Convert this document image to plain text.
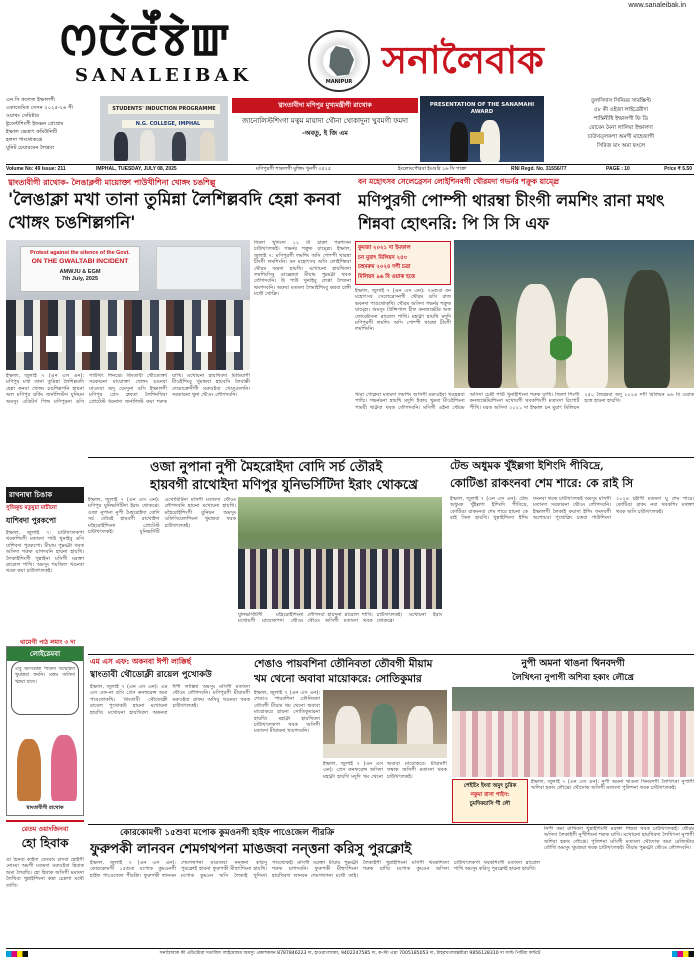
www.sanaleibak.in
ꯁꯅꯥꯂꯩꯕꯥꯛ
SANALEIBAK	MANIPUR সনালৈবাক
এন সি কলেজ ইম্ফালগী
একাডেমিক সেসন ২০২৫-২৬ গী
ওয়াথং সেমিষ্টার
ষ্টুডেন্টশিংগী ইন্ডক্সন প্রোগ্রাম
ইম্ফাল ভেত্রাৎ কমিউনিটি
হলদা পাংথোকখ্রে
যুনিট চেয়ারমেন লৈখ্রবা
STUDENTS' INDUCTION PROGRAMME
N.G. COLLEGE, IMPHAL
খ্বাংতাবীদা মণিপুর মুখ্যমন্ত্রীগী রাথোক
জানোলিস্টশিংগা মত্বম মায়াদা থৌনা থোকাদুনা খুবমগী ফমদা
-অবতু, ই জি এম
PRESENTATION OF THE SANAMAHI AWARD
তুলসিদাস সিনিয়র সাবস্ক্রিপ্ট
৫৮ কী ওইজা লাইব্রেরীদা
শান্তিনীধি ইম্ফালগী ফি ডি
রোবেন মৈনা লালিবা ইম্ফালদা
চাউখত্লকপা অমগী মাহেজাগী
সিরিজ মাং অমা ফংলে
Volume No: 49 Issue: 211	IMPHAL, TUESDAY, JULY 08, 2025	মণিপুরগী শাকলগী মুক্তিং খুনগী ৩৫২৫	ইংলোংপৌরবা ইংগুরি ১৬ সি পাক্রা	RNI Regd. No. 31556/77	PAGE : 10	Price ₹ 5.50
খ্বাংতাবীগী রাথোক- লৈঙাক্লগী মায়োক্তা পাউখীশিনা খোঙ্গং চঙশিল্লু
'লৈঙাক্লা মখা তানা তুমিন্না লৈশিল্লবদি হেন্না কনবা খোঙ্গং চঙশিল্লগনি'
বন মহোৎসব সেলেব্রেসন লোইশিনবগী থৌরমদা গভর্নর শক্রুক য়াম্ল্রে
মণিপুরগী পোম্পী থারম্বা চীংগী লমশিং রানা মথৎ শিন্নবা হোৎনরি: পি সি সি এফ
Protest against the silence of the Govt.
ON THE GWALTABI INCIDENT
AMWJU & EGM
7th July, 2025

ইম্ফাল, জুলাই ৭ (এন এস এন): মণিপুর মখা তানা তুমিন্না লৈশিল্লবদি হেন্না কনবা খোঙ্গং চঙশিল্লগনি হায়না অল মণিপুর ৱর্কিং জর্নালিস্টস যুনিয়ন অমসুং এডিটর্স গিল্ড মণিপুরনা ঙসি পাউখৎ শিনখ্রে। খ্বাংতাবী থৌডোক্তা সরকারনা মায়োক্তা খোঙ্গং চঙনবা যাওদবা অদু য়েংদুনা ঙসি ইম্ফালগী মণিপুর প্রেস ক্লবতা লৈশিনখিবা প্রোটেস্ট ধরনাদা জর্নালিস্ট কয়া শরুক য়াখি। মখোয়না হায়খিবদা মিডিয়াগী মীওইশিংবু খুমান্নবা হায়বসি লৈবাক্কী দেমোক্রেসীগী মরুওইবা খোঙ্গুলনি। সরকারনা থুনা থৌওং লৌগদবনি।

কুমজা ২০২১ দা ইমফাল
চন মুরাৎ মিলিয়ন ২৫০
চহুমরুম ২০২৪ দগী চত্রা
মিলিয়ন ৯৬ বি ওয়াক হত্তে

জিলা খুদিংদা ১২ টা চাক্রা পরশাসন চাউখৎলকই। গভর্নর শক্রুক য়াম্ল্রে। ইম্ফাল, জুলাই ৭: মণিপুরগী লমশিং অসি পোম্পী থারম্বা চীংগী লমশিংনি। বন মহোৎসব অসি লোইশিন্নবা থৌরম অমদা হায়খি। মখোয়না হায়খিবদা লমশিংসিবু ঙাক্সেন্নবা মীয়াম পুম্নমক্না থবক তৌগদবনি। উ পাউ খুনাইবু লেপ্পা লৈতনা থমগদবনি। অরুবা মতমদা লৈমাইশিংবু কন্নবা চাঙ্গী মথৌ থোক্লি।

ইম্ফাল, জুলাই ৭ (এন এস এন): ৭৬শুবা বন মহোৎসব সেলেব্রেসনগী থৌরম ঙসি রাজ ভবনদা পাঙথোকখি। থৌরম অসিদা গভর্নর শক্রুক য়াম্ল্রে। অমসুং প্রিন্সিপাল চীফ কনজর্ভেটর অফ ফোরেষ্টসনা ৱারোল শাখি। মহাক্না হায়খি মদুদি মণিপুরগী লমশিং অসি পোম্পী থারম্বা চীংগী লমশিংনি।

খারা পোক্লবা মতমদা লমশিং অসিগী মরুওইবা খঙহন্নবা পাম্মি। গভর্নরনা হায়খি মদুদি ইকায় খুম্নবা মীওইশিংনা পামবী থাক্নবা থবক তৌগদবনি। মসিগী ওইনা থৌরম অসিদা চেপ্পী পাউ খুনাইশিংনা শরুক য়াখি। জিলা শিংগী কনজর্ভেটরশিংনা মখোয়গী থবকশিংগী মতাংদা রিপোর্ট পীখি। মরক অসিদা ২০২১ দা ইম্ফাল চন মুরাৎ মিলিয়ন ২৫০ লৈরম্লবা অদু ২০২৪ দগী মিলিয়ন ৯৬ বি ওয়াক হত্তে হায়না হায়খি।

রাখনাম্বা চিঙাক
সুজিকুচ মতুমুচা মাচীনো
যাশিবদা পুরকপো

ইম্ফাল, জুলাই ৭: চাউখৎলকপা থবকশিংগী মতাংদা পাউ খুনাইবু ঙসি যাশিবদা পুরকপো। মীয়াম পুম্নমক্না থবক অসিদা শরুক য়াগদবনি হায়না হায়খি। লৈকাইশিংগী খুন্নাইনা মসিগী মরক্তা ৱারোল শাখি। অমসুং শমজিল খঙনবা থবক কয়া চাউখৎলকই।

থামেগী পাঠ লমাং ৩ দা
লোইরেমবা
ঐবু অসিগুম্বা পাউদা থম্মোইদা খুমান্নবা ফংনি। মত্তম অসিদা খন্নবা যাদে।
খ্বাংতাবীগী রাথোক
রেতম ওয়াংজিনবা
হো হিবাক
ঙা চিনবা কাইদা তেংবাং চাদবা হোইগী নোংমা অমগী মতমদা মরুওইবা হিবাক অমা লৈরম্মি। হো হিবাক অসিগী মমাংদা লৈখিবা খুন্নাইশিংনা কন্না চেপ্পগা মথৌ তাখি।
ওজা নুপানা নুপী মৈহরোইদা বোদি সর্চ তৌরই
হায়বগী রাথোইদা মণিপুর যুনিভর্সিটিদা ইরাং থোকখ্রে

ইম্ফাল, জুলাই ৭ (এন এস এন): মণিপুর যুনিভর্সিটিদা ইরাং থোকখ্রে। ওজা নুপানা নুপী মৈহরোইদা বোদি সর্চ তৌরই হায়বগী রাথোইদা মহৈরোইশিংনা প্রোটেস্ট চাউখৎলকই। যুনিভর্সিটি এথোরিটিনা মসিগী মতাংদা থৌওং লৌগদবনি হায়না মখোয়না হায়খি। মহৈরোইশিংগী য়ুনিয়ন অমসুং ওফিসিয়েলশিংনা খুমান্নবা থবক চাউখৎলকই।

যুনিভর্সিটিগী মহৈরোইশিংনা মখোয়গী মায়োকপদা থৌওং লৌগদবা হায়দুনা ৱারোল শাখি। থৌওং অসিগী মতাংদা থবক চাউখৎলকই। মখোয়না ইরাং থোকখ্রে।

টেন্ড অধুমক খুঁইল্লগা ইশিংদি পীবিদ্রে,
কোটিঙা রাকংনবা শেম শারে: কে রাই সি

ইম্ফাল, জুলাই ৭ (এন এস এন): টেন্ড অধুমক খুঁইল্লগা ইশিংদি পীবিদ্রে, কোটিঙা রাকংনবা শেম শারে হায়না কে রাই সিনা হায়খি। খুন্নাইশিংদা ইশিং ফংনবা থবক চাউখৎলকই অমসুং মসিগী মতাংদা সরকারনা থৌওং লৌগদবনি। ইম্ফালগী লৈকাই কয়াদা ইশিং ফংদবগী অশোয়বা পুথোক্লি। চত্তবা পাউশিংদা ২০২৪ চহীগী মতমদা য়ু শেম শারে। কোটিঙা রাকং নবা থবকশিং মথক্তা থবক অসি চাউখৎলকই।

এম এস এফ: অকনবা ঈপী লাক্কিৰ্ছ
খ্বাংতাবী থৌডোক্লী রায়েল পুখোকউ

ইম্ফাল, জুলাই ৭ (এন এস এন): এম এস এফ-না ঙসি প্রেস কনফরেন্স অমা পাঙথোকখি। খ্বাংতাবী থৌডোক্লী রায়েল পুখোকউ হায়না মখোয়না হায়খি। মখোয়না হায়খিবদা অকনবা ঈপী লাক্কিৰ্ছ অমসুং মসিগী মতাংদা থৌওং লৌগদবনি। মণিপুরগী মীয়ামগী মরুওইবা ৱাফম অসিবু খঙনবা থবক চাউখৎলকই।

শেঙাও পায়বশিনা তৌনিবতা তৌবগী মীয়াম
খম থেনো অবাবা মায়োকরে: সোতিকুমার

ইম্ফাল, জুলাই ৭ (এন এস এন): শেঙাও পায়বশিনা তৌনিবতা তৌবগী মীয়াম খম থেনো অবাবা মায়োকরে হায়না সোতিকুমারনা হায়খি। মহাক্না হায়খিবদা চাউখৎলকপা থবক অসিগী মতাংদা মীয়ামনা খঙগদবনি।

ইম্ফাল, জুলাই ৭ (এন এস এন): প্রেস কনফরেন্স অসিদা মহাক্না হায়খি মদুদি খম থেনো অবাবা মায়োকরে। মীয়ামগী ফম্বাক অসিগী মতাংদা থবক চাউখৎলকই।

নুপী অমনা থাঙনা থিনবদগী
লৈখিৎনা নুপাগী অশিবা হকাং লৌখ্রে
পেইচিং ইংবা অমুৎ চুরিক
নকুমা রাসা পাইস:
চুমদিকচাসি গী লৌ

ইম্ফাল, জুলাই ৭ (এন এস এন): নুপী অমনা থাঙনা থিনবদগী লৈখিৎনা নুপাগী অশিবা হকাং লৌখ্রে। থৌদোক অসিগী মতাংদা পুলিশনা থবক চাউখৎলকই।

কোরকোমগী ১৫শুবা মপোক কুমওনগী হাইফ পাওেজেল পীরক্রি
ফুরুপকী লানবন শেমগথপনা মাঙজবা নন্ত্তনা করিসু পুরক্লোই

ইম্ফাল, জুলাই ৭ (এন এস এন): কোরকোমগী ১৫শুবা মপোক কুমওনগী হাইফ পাওেজেল পীরক্রি। ফুরুপকী লানবন শেমগথপনা মাঙজবা নন্ত্তনা করিসু পুরক্লোই হায়না ফুরুপকী মীহুৎশিংনা হায়খি। মপোক কুমওন অসি লৈকাই খুদিংদা পাংথোকই। মসিগী মরক্তা মীয়াম পুম্নমক্না শরুক য়াগদবনি। ফুরুপকী মীহুৎশিংনা হায়খিবদা লানবন শেমগথপনা মথৌ তাই। লৈকাইগী খুন্নাইশিংনা মসিগী থবকশিংদা শরুক য়াখি। মপোক কুমওন অসিদা চাউখৎলকপা থবকশিংগী মতাংদা ৱারোল শাখি অমসুং করিসু পুরক্লোই হায়না হায়খি।

নিপী কমা রাখিবদা খুন্নাইশিংগী মরক্তা শিন্নবা থবক চাউখৎলকই। থৌরম অসিদা লৈকাইগী নুপীশিংনা শরুক য়াখি। মখোয়না হায়খিবদা লৈখিৎনা নুপাগী অশিবা হকাং লৌখ্রে। পুলিশনা মসিগী মতাংদা থৌদোক অমা রেজিস্টার তৌখি অমসুং খুমান্নবা থবক চাউখৎলকই। মীয়াম পুম্নমক্না থৌওং লৌগদবনি।

সনালৈবাক কী এডিটোরা সত্যজিৎ লাইমোন্ডম অমসুং প্রকাশকবন 8787846223 দা, হাওরাংলাক্তা, 9402247585 দা, ক-স্টা এন্থা 7005185053 দা, টাহরখংলবন্তন্নীব্রা 9856128310 দা সাপ্ট পিটিয়া ফন্টটে
